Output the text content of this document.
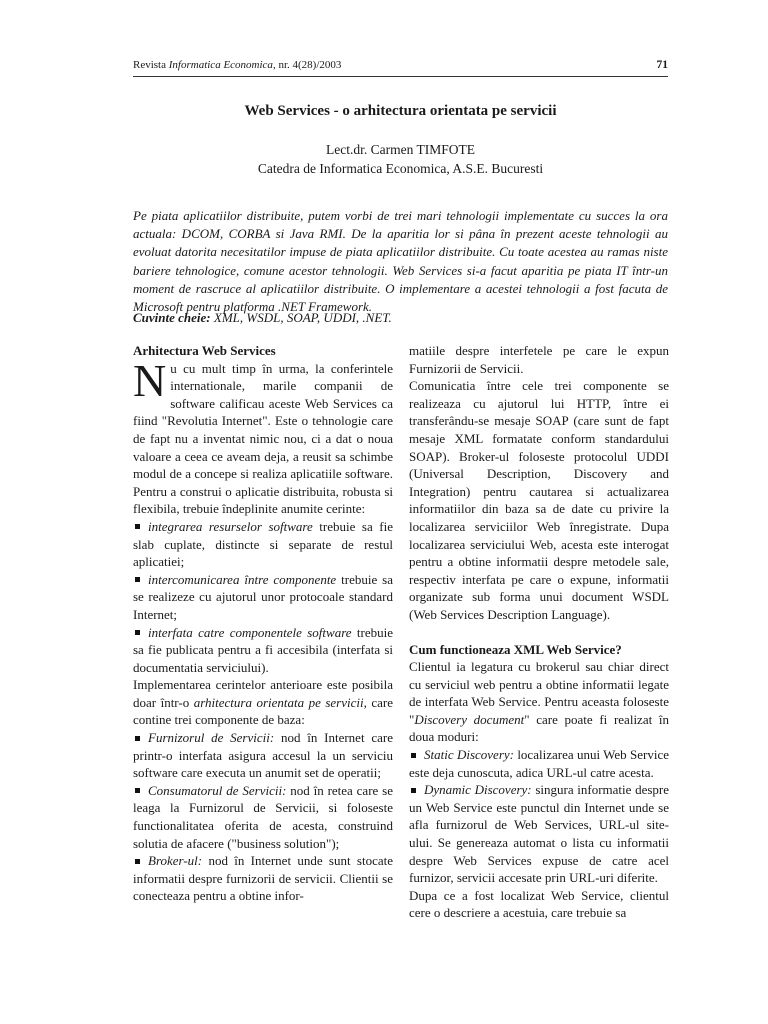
Revista Informatica Economica, nr. 4(28)/2003	71
Web Services - o arhitectura orientata pe servicii
Lect.dr. Carmen TIMFOTE
Catedra de Informatica Economica, A.S.E. Bucuresti
Pe piata aplicatiilor distribuite, putem vorbi de trei mari tehnologii implementate cu succes la ora actuala: DCOM, CORBA si Java RMI. De la aparitia lor si pâna în prezent aceste tehnologii au evoluat datorita necesitatilor impuse de piata aplicatiilor distribuite. Cu toate acestea au ramas niste bariere tehnologice, comune acestor tehnologii. Web Services si-a facut aparitia pe piata IT într-un moment de rascruce al aplicatiilor distribuite. O implementare a acestei tehnologii a fost facuta de Microsoft pentru platforma .NET Framework.
Cuvinte cheie: XML, WSDL, SOAP, UDDI, .NET.

Arhitectura Web Services

Nu cu mult timp în urma, la conferintele internationale, marile companii de software calificau aceste Web Services ca fiind "Revolutia Internet". Este o tehnologie care de fapt nu a inventat nimic nou, ci a dat o noua valoare a ceea ce aveam deja, a reusit sa schimbe modul de a concepe si realiza aplicatiile software. Pentru a construi o aplicatie distribuita, robusta si flexibila, trebuie îndeplinite anumite cerinte:

integrarea resurselor software trebuie sa fie slab cuplate, distincte si separate de restul aplicatiei;

intercomunicarea între componente trebuie sa se realizeze cu ajutorul unor protocoale standard Internet;

interfata catre componentele software trebuie sa fie publicata pentru a fi accesibila (interfata si documentatia serviciului).

Implementarea cerintelor anterioare este posibila doar într-o arhitectura orientata pe servicii, care contine trei componente de baza:

Furnizorul de Servicii: nod în Internet care printr-o interfata asigura accesul la un serviciu software care executa un anumit set de operatii;

Consumatorul de Servicii: nod în retea care se leaga la Furnizorul de Servicii, si foloseste functionalitatea oferita de acesta, construind solutia de afacere ("business solution");

Broker-ul: nod în Internet unde sunt stocate informatii despre furnizorii de servicii. Clientii se conecteaza pentru a obtine infor-

matiile despre interfetele pe care le expun Furnizorii de Servicii.

Comunicatia între cele trei componente se realizeaza cu ajutorul lui HTTP, între ei transferându-se mesaje SOAP (care sunt de fapt mesaje XML formatate conform standardului SOAP). Broker-ul foloseste protocolul UDDI (Universal Description, Discovery and Integration) pentru cautarea si actualizarea informatiilor din baza sa de date cu privire la localizarea serviciilor Web înregistrate. Dupa localizarea serviciului Web, acesta este interogat pentru a obtine informatii despre metodele sale, respectiv interfata pe care o expune, informatii organizate sub forma unui document WSDL (Web Services Description Language).

Cum functioneaza XML Web Service?

Clientul ia legatura cu brokerul sau chiar direct cu serviciul web pentru a obtine informatii legate de interfata Web Service. Pentru aceasta foloseste "Discovery document" care poate fi realizat în doua moduri:

Static Discovery: localizarea unui Web Service este deja cunoscuta, adica URL-ul catre acesta.

Dynamic Discovery: singura informatie despre un Web Service este punctul din Internet unde se afla furnizorul de Web Services, URL-ul site-ului. Se genereaza automat o lista cu informatii despre Web Services expuse de catre acel furnizor, servicii accesate prin URL-uri diferite.

Dupa ce a fost localizat Web Service, clientul cere o descriere a acestuia, care trebuie sa
